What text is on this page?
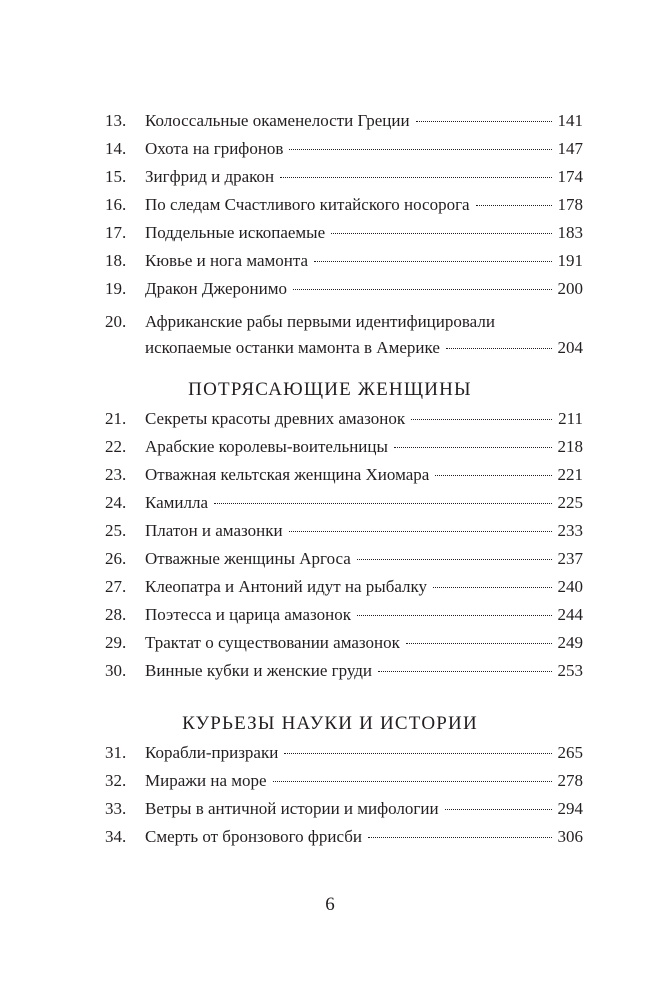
13.	Колоссальные окаменелости Греции	141
14.	Охота на грифонов	147
15.	Зигфрид и дракон	174
16.	По следам Счастливого китайского носорога	178
17.	Поддельные ископаемые	183
18.	Кювье и нога мамонта	191
19.	Дракон Джеронимо	200
20.	Африканские рабы первыми идентифицировали
ископаемые останки мамонта в Америке	204
ПОТРЯСАЮЩИЕ ЖЕНЩИНЫ
21.	Секреты красоты древних амазонок	211
22.	Арабские королевы-воительницы	218
23.	Отважная кельтская женщина Хиомара	221
24.	Камилла	225
25.	Платон и амазонки	233
26.	Отважные женщины Аргоса	237
27.	Клеопатра и Антоний идут на рыбалку	240
28.	Поэтесса и царица амазонок	244
29.	Трактат о существовании амазонок	249
30.	Винные кубки и женские груди	253
КУРЬЕЗЫ НАУКИ И ИСТОРИИ
31.	Корабли-призраки	265
32.	Миражи на море	278
33.	Ветры в античной истории и мифологии	294
34.	Смерть от бронзового фрисби	306
6
